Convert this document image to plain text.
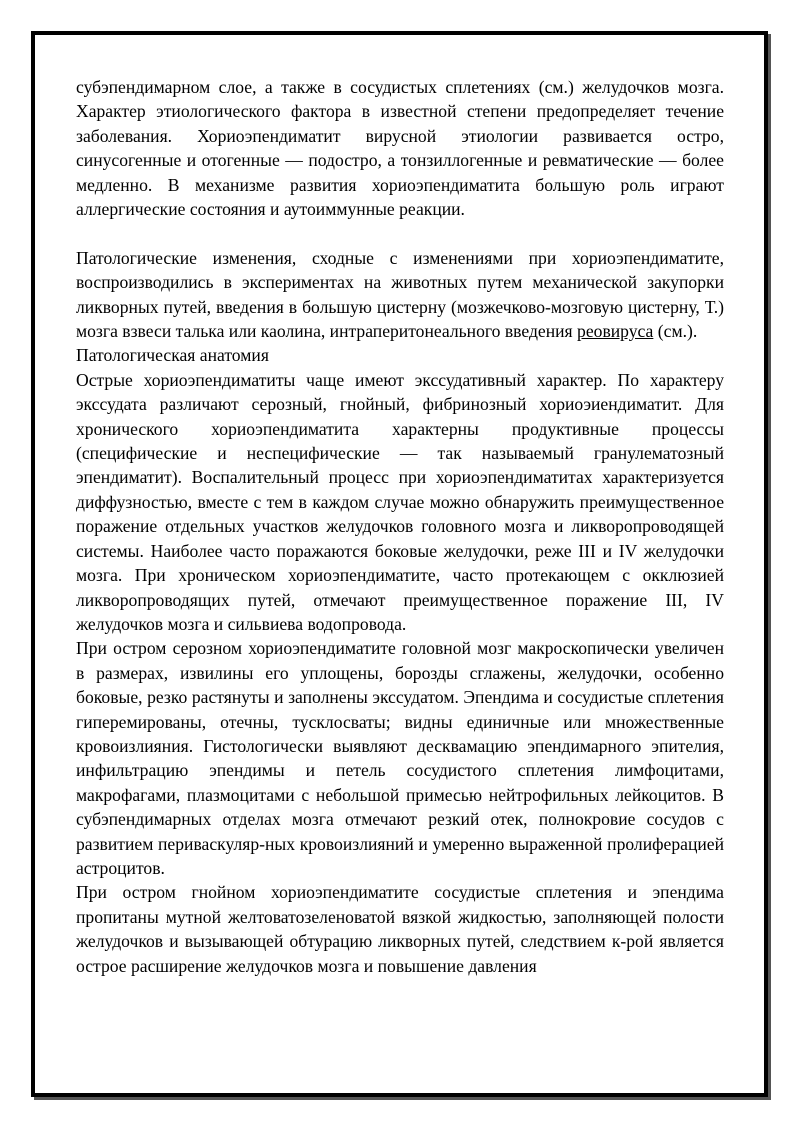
субэпендимарном слое, а также в сосудистых сплетениях (см.) желудочков мозга. Характер этиологического фактора в известной степени предопределяет течение заболевания. Хориоэпендиматит вирусной этиологии развивается остро, синусогенные и отогенные — подостро, а тонзиллогенные и ревматические — более медленно. В механизме развития хориоэпендиматита большую роль играют аллергические состояния и аутоиммунные реакции.

Патологические изменения, сходные с изменениями при хориоэпендиматите, воспроизводились в экспериментах на животных путем механической закупорки ликворных путей, введения в большую цистерну (мозжечково-мозговую цистерну, Т.) мозга взвеси талька или каолина, интраперитонеального введения реовируса (см.).

Патологическая анатомия

Острые хориоэпендиматиты чаще имеют экссудативный характер. По характеру экссудата различают серозный, гнойный, фибринозный хориоэиендиматит. Для хронического хориоэпендиматита характерны продуктивные процессы (специфические и неспецифические — так называемый гранулематозный эпендиматит). Воспалительный процесс при хориоэпендиматитах характеризуется диффузностью, вместе с тем в каждом случае можно обнаружить преимущественное поражение отдельных участков желудочков головного мозга и ликворопроводящей системы. Наиболее часто поражаются боковые желудочки, реже III и IV желудочки мозга. При хроническом хориоэпендиматите, часто протекающем с окклюзией ликворопроводящих путей, отмечают преимущественное поражение III, IV желудочков мозга и сильвиева водопровода.

При остром серозном хориоэпендиматите головной мозг макроскопически увеличен в размерах, извилины его уплощены, борозды сглажены, желудочки, особенно боковые, резко растянуты и заполнены экссудатом. Эпендима и сосудистые сплетения гиперемированы, отечны, тусклосваты; видны единичные или множественные кровоизлияния. Гистологически выявляют десквамацию эпендимарного эпителия, инфильтрацию эпендимы и петель сосудистого сплетения лимфоцитами, макрофагами, плазмоцитами с небольшой примесью нейтрофильных лейкоцитов. В субэпендимарных отделах мозга отмечают резкий отек, полнокровие сосудов с развитием периваскуляр-ных кровоизлияний и умеренно выраженной пролиферацией астроцитов.

При остром гнойном хориоэпендиматите сосудистые сплетения и эпендима пропитаны мутной желтоватозеленоватой вязкой жидкостью, заполняющей полости желудочков и вызывающей обтурацию ликворных путей, следствием к-рой является острое расширение желудочков мозга и повышение давления
